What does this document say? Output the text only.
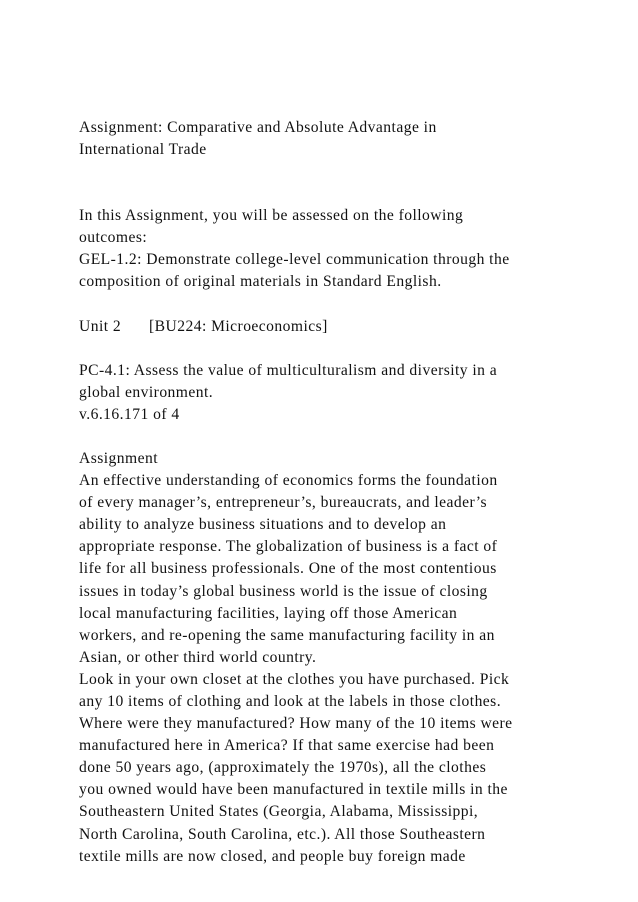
Assignment: Comparative and Absolute Advantage in

International Trade

In this Assignment, you will be assessed on the following

outcomes:

GEL-1.2: Demonstrate college-level communication through the

composition of original materials in Standard English.

Unit 2	[BU224: Microeconomics]

PC-4.1: Assess the value of multiculturalism and diversity in a

global environment.

v.6.16.171 of 4

Assignment

An effective understanding of economics forms the foundation

of every manager’s, entrepreneur’s, bureaucrats, and leader’s

ability to analyze business situations and to develop an

appropriate response. The globalization of business is a fact of

life for all business professionals. One of the most contentious

issues in today’s global business world is the issue of closing

local manufacturing facilities, laying off those American

workers, and re-opening the same manufacturing facility in an

Asian, or other third world country.

Look in your own closet at the clothes you have purchased. Pick

any 10 items of clothing and look at the labels in those clothes.

Where were they manufactured? How many of the 10 items were

manufactured here in America? If that same exercise had been

done 50 years ago, (approximately the 1970s), all the clothes

you owned would have been manufactured in textile mills in the

Southeastern United States (Georgia, Alabama, Mississippi,

North Carolina, South Carolina, etc.). All those Southeastern

textile mills are now closed, and people buy foreign made
